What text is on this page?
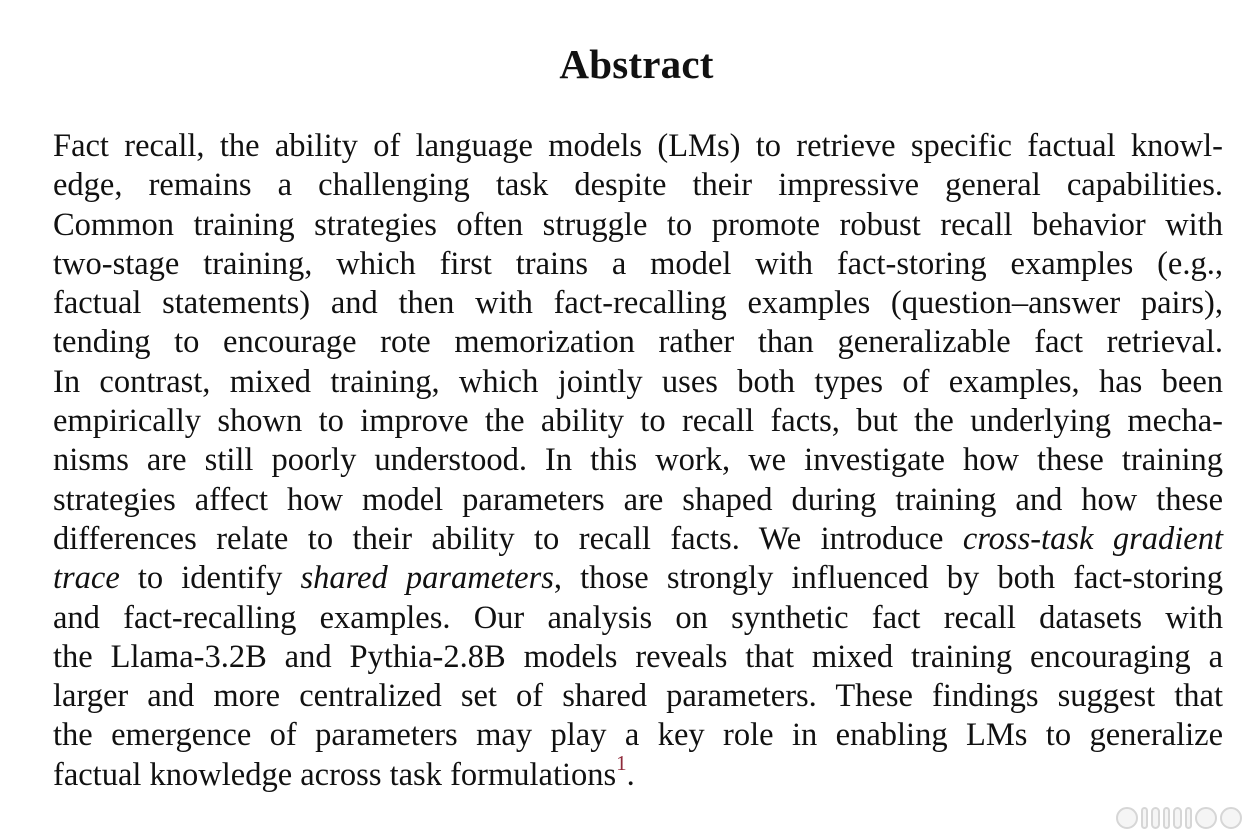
Abstract
Fact recall, the ability of language models (LMs) to retrieve specific factual knowl-
edge, remains a challenging task despite their impressive general capabilities.
Common training strategies often struggle to promote robust recall behavior with
two-stage training, which first trains a model with fact-storing examples (e.g.,
factual statements) and then with fact-recalling examples (question–answer pairs),
tending to encourage rote memorization rather than generalizable fact retrieval.
In contrast, mixed training, which jointly uses both types of examples, has been
empirically shown to improve the ability to recall facts, but the underlying mecha-
nisms are still poorly understood. In this work, we investigate how these training
strategies affect how model parameters are shaped during training and how these
differences relate to their ability to recall facts. We introduce cross-task gradient
trace to identify shared parameters, those strongly influenced by both fact-storing
and fact-recalling examples. Our analysis on synthetic fact recall datasets with
the Llama-3.2B and Pythia-2.8B models reveals that mixed training encouraging a
larger and more centralized set of shared parameters. These findings suggest that
the emergence of parameters may play a key role in enabling LMs to generalize
factual knowledge across task formulations$^1$.
